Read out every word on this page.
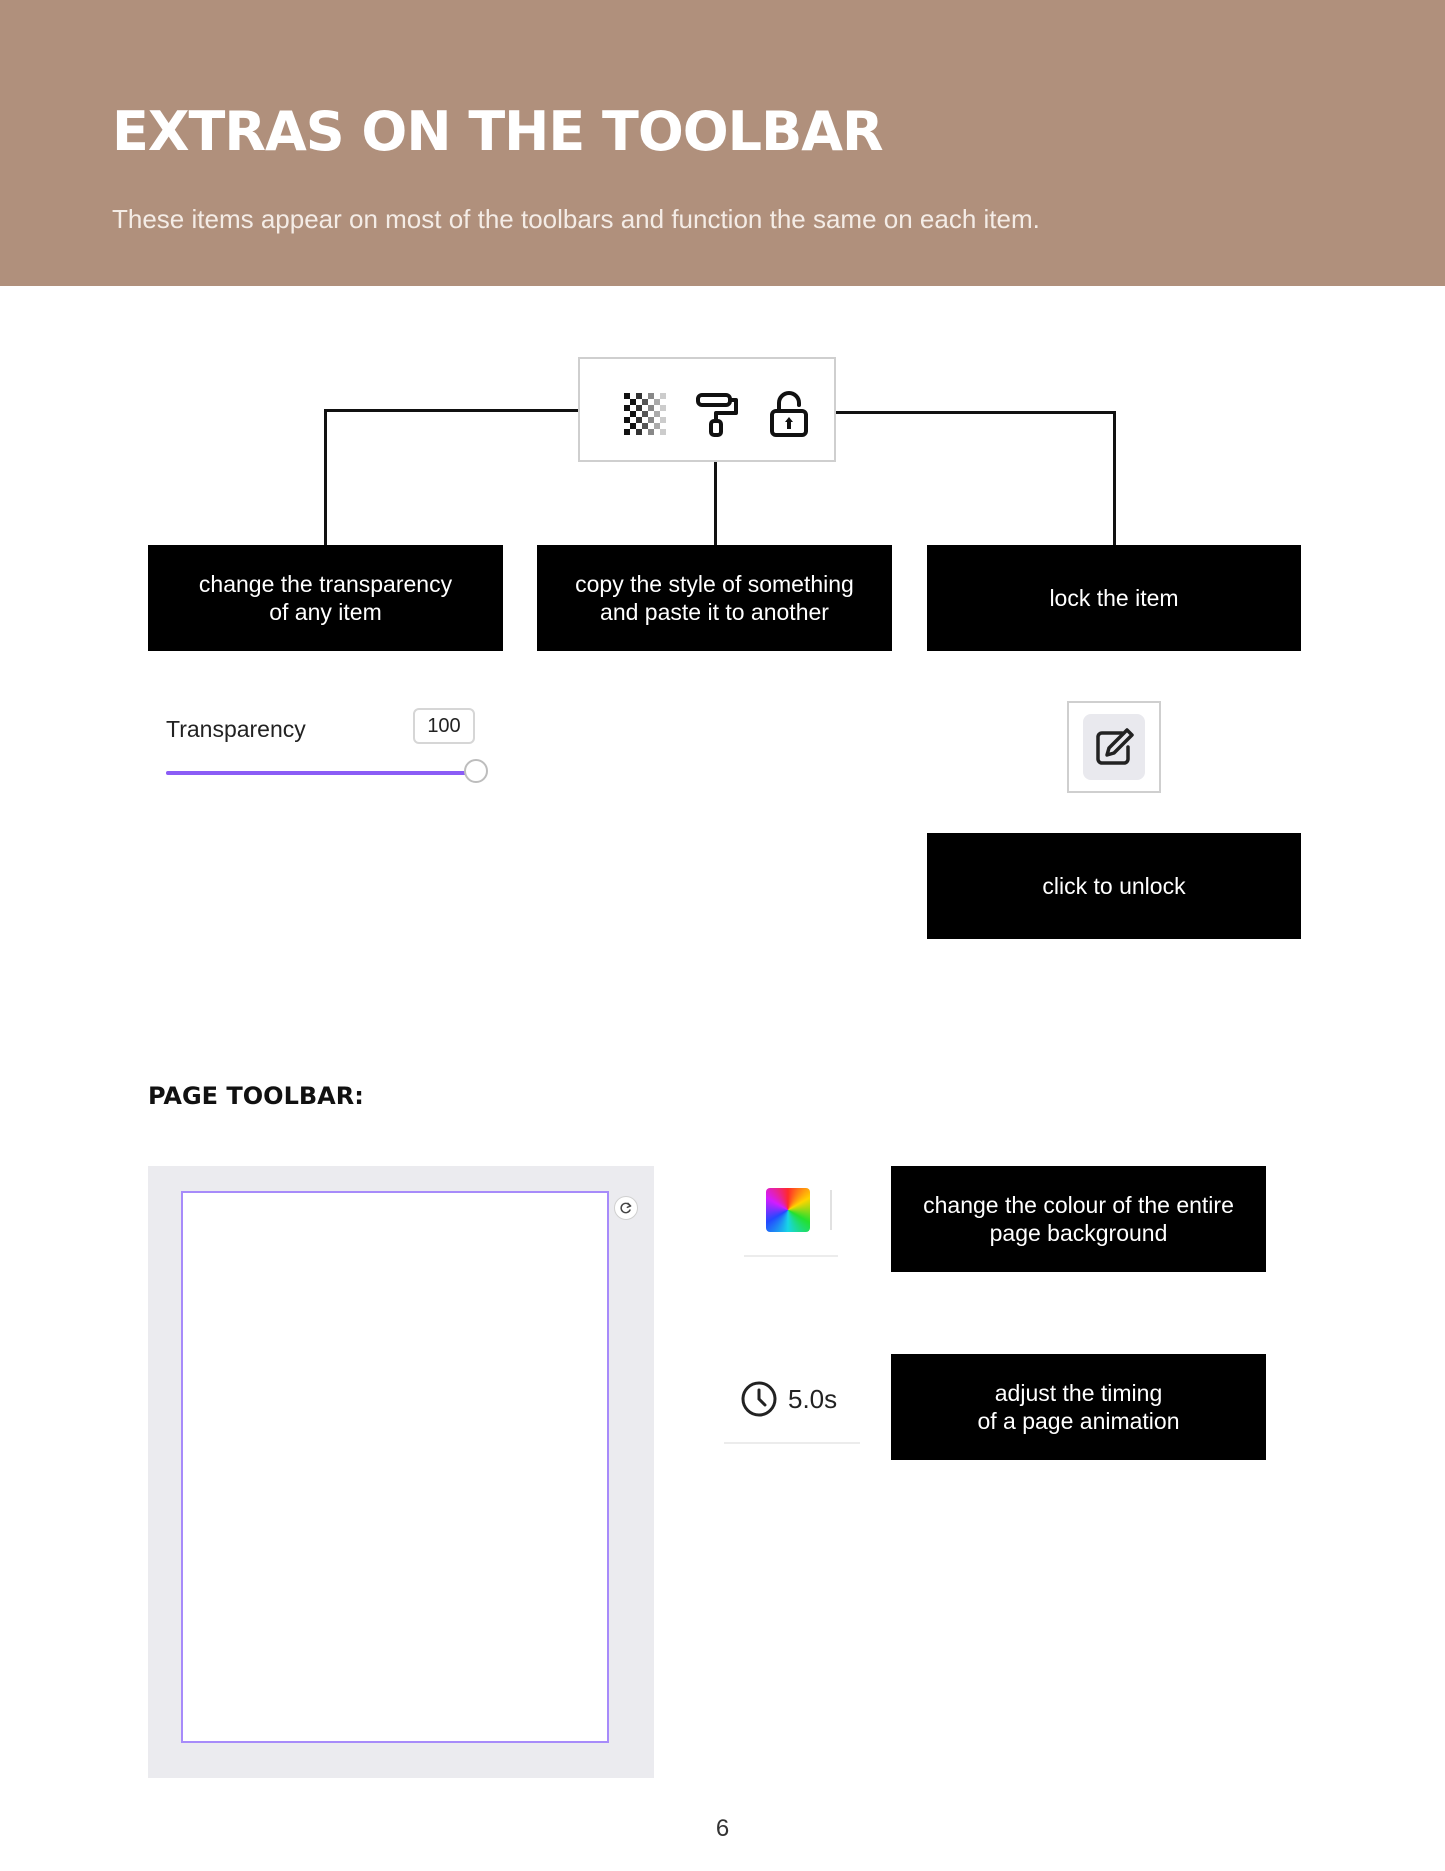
EXTRAS ON THE TOOLBAR

These items appear on most of the toolbars and function the same on each item.

change the transparency
of any item
copy the style of something
and paste it to another
lock the item
Transparency	100
click to unlock
PAGE TOOLBAR:
change the colour of the entire
page background
5.0s	adjust the timing
of a page animation
6
